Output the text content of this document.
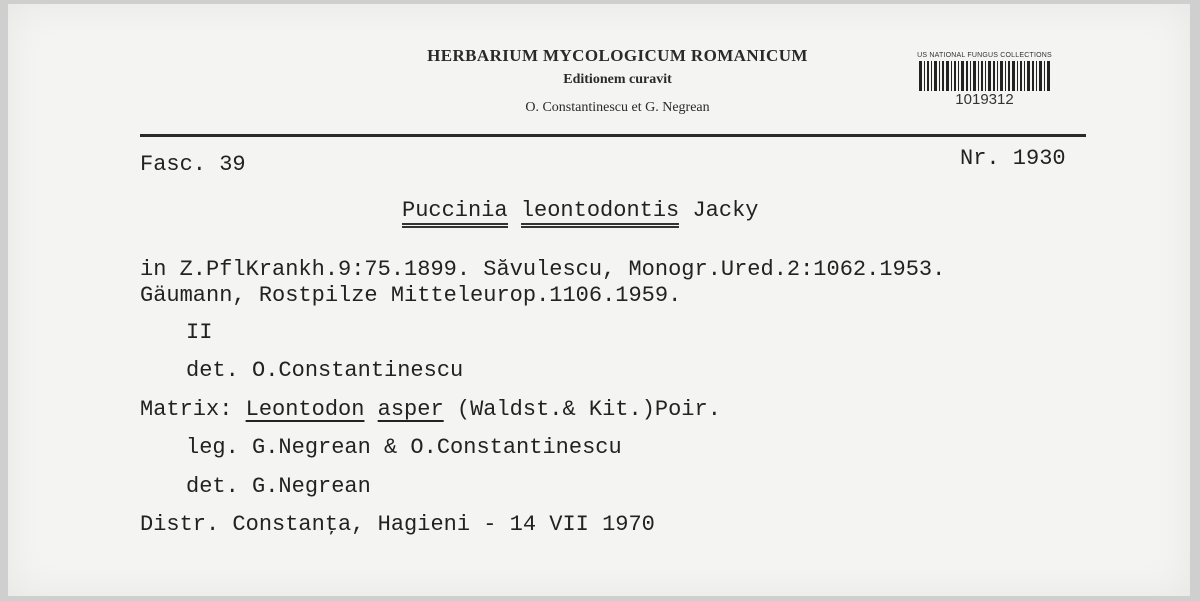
HERBARIUM MYCOLOGICUM ROMANICUM
Editionem curavit
O. Constantinescu et G. Negrean
US NATIONAL FUNGUS COLLECTIONS
1019312
Fasc. 39	Nr. 1930
Puccinia leontodontis Jacky
in Z.PflKrankh.9:75.1899. Săvulescu, Monogr.Ured.2:1062.1953.
Gäumann, Rostpilze Mitteleurop.1106.1959.
II
det. O.Constantinescu
Matrix: Leontodon asper (Waldst.& Kit.)Poir.
leg. G.Negrean & O.Constantinescu
det. G.Negrean
Distr. Constanţa, Hagieni - 14 VII 1970
